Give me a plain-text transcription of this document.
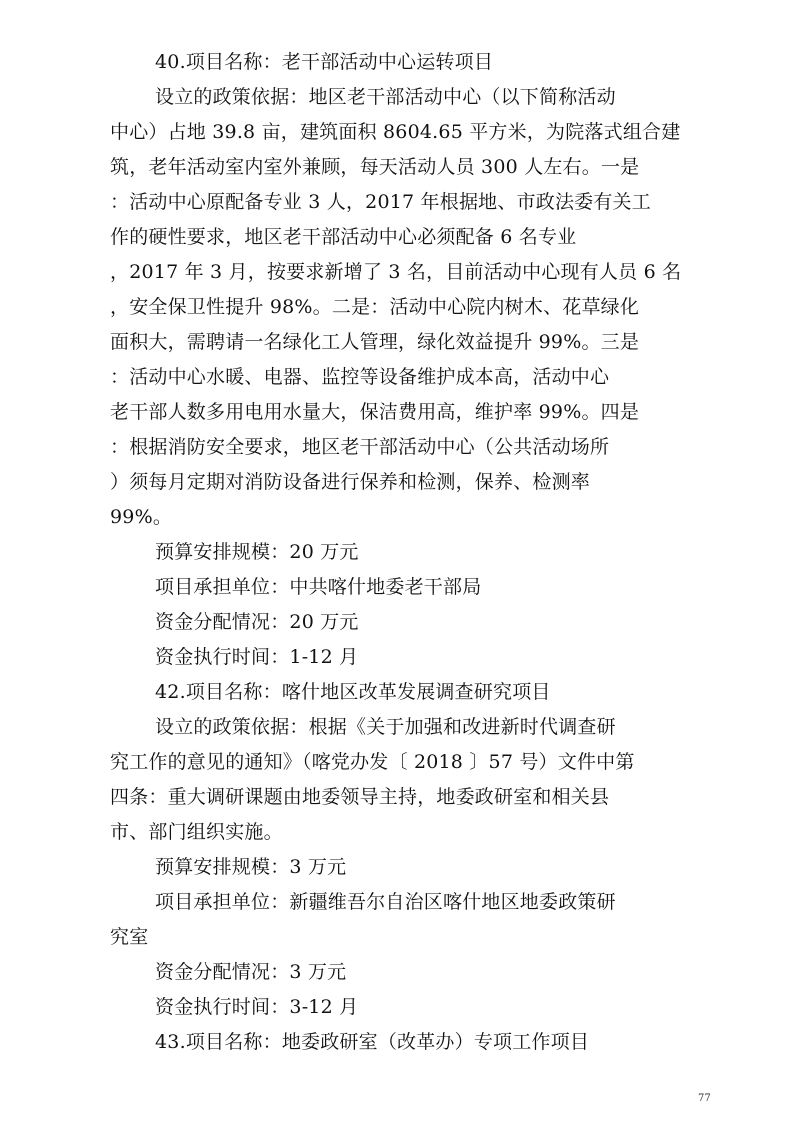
40.项目名称：老干部活动中心运转项目
设立的政策依据：地区老干部活动中心（以下简称活动
中心）占地 39.8 亩，建筑面积 8604.65 平方米，为院落式组合建
筑，老年活动室内室外兼顾，每天活动人员 300 人左右。一是
：活动中心原配备专业 3 人，2017 年根据地、市政法委有关工
作的硬性要求，地区老干部活动中心必须配备 6 名专业
，2017 年 3 月，按要求新增了 3 名，目前活动中心现有人员 6 名
，安全保卫性提升 98%。二是：活动中心院内树木、花草绿化
面积大，需聘请一名绿化工人管理，绿化效益提升 99%。三是
：活动中心水暖、电器、监控等设备维护成本高，活动中心
老干部人数多用电用水量大，保洁费用高，维护率 99%。四是
：根据消防安全要求，地区老干部活动中心（公共活动场所
）须每月定期对消防设备进行保养和检测，保养、检测率
99%。
预算安排规模：20 万元
项目承担单位：中共喀什地委老干部局
资金分配情况：20 万元
资金执行时间：1-12 月
42.项目名称：喀什地区改革发展调查研究项目
设立的政策依据：根据《关于加强和改进新时代调查研
究工作的意见的通知》（喀党办发〔 2018 〕57 号）文件中第
四条：重大调研课题由地委领导主持，地委政研室和相关县
市、部门组织实施。
预算安排规模：3 万元
项目承担单位：新疆维吾尔自治区喀什地区地委政策研
究室
资金分配情况：3 万元
资金执行时间：3-12 月
43.项目名称：地委政研室（改革办）专项工作项目
77
